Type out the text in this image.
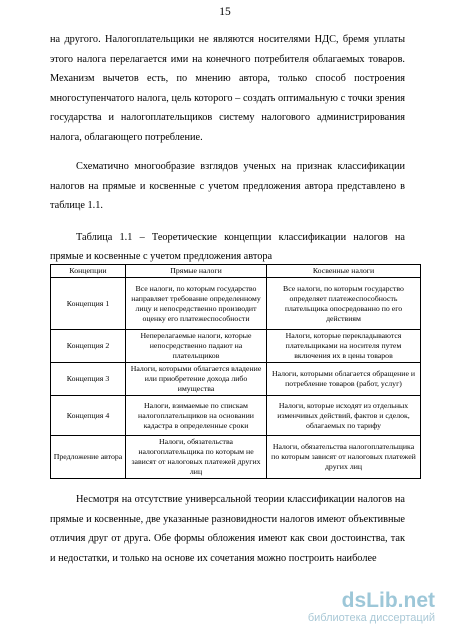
15

на другого. Налогоплательщики не являются носителями НДС, бремя уплаты этого налога перелагается ими на конечного потребителя облагаемых товаров. Механизм вычетов есть, по мнению автора, только способ построения многоступенчатого налога, цель которого – создать оптимальную с точки зрения государства и налогоплательщиков систему налогового администрирования налога, облагающего потребление.

Схематично многообразие взглядов ученых на признак классификации налогов на прямые и косвенные с учетом предложения автора представлено в таблице 1.1.

Таблица 1.1 – Теоретические концепции классификации налогов на прямые и косвенные с учетом предложения автора

Концепции	Прямые налоги	Косвенные налоги
Концепция 1	Все налоги, по которым государство направляет требование определенному лицу и непосредственно производит оценку его платежеспособности	Все налоги, по которым государство определяет платежеспособность плательщика опосредованно по его действиям
Концепция 2	Неперелагаемые налоги, которые непосредственно падают на плательщиков	Налоги, которые перекладываются плательщиками на носителя путем включения их в цены товаров
Концепция 3	Налоги, которыми облагается владение или приобретение дохода либо имущества	Налоги, которыми облагается обращение и потребление товаров (работ, услуг)
Концепция 4	Налоги, взимаемые по спискам налогоплательщиков на основании кадастра в определенные сроки	Налоги, которые исходят из отдельных изменчивых действий, фактов и сделок, облагаемых по тарифу
Предложение автора	Налоги, обязательства налогоплательщика по которым не зависят от налоговых платежей других лиц	Налоги, обязательства налогоплательщика по которым зависят от налоговых платежей других лиц

Несмотря на отсутствие универсальной теории классификации налогов на прямые и косвенные, две указанные разновидности налогов имеют объективные отличия друг от друга. Обе формы обложения имеют как свои достоинства, так и недостатки, и только на основе их сочетания можно построить наиболее

dsLib.net
библиотека диссертаций
